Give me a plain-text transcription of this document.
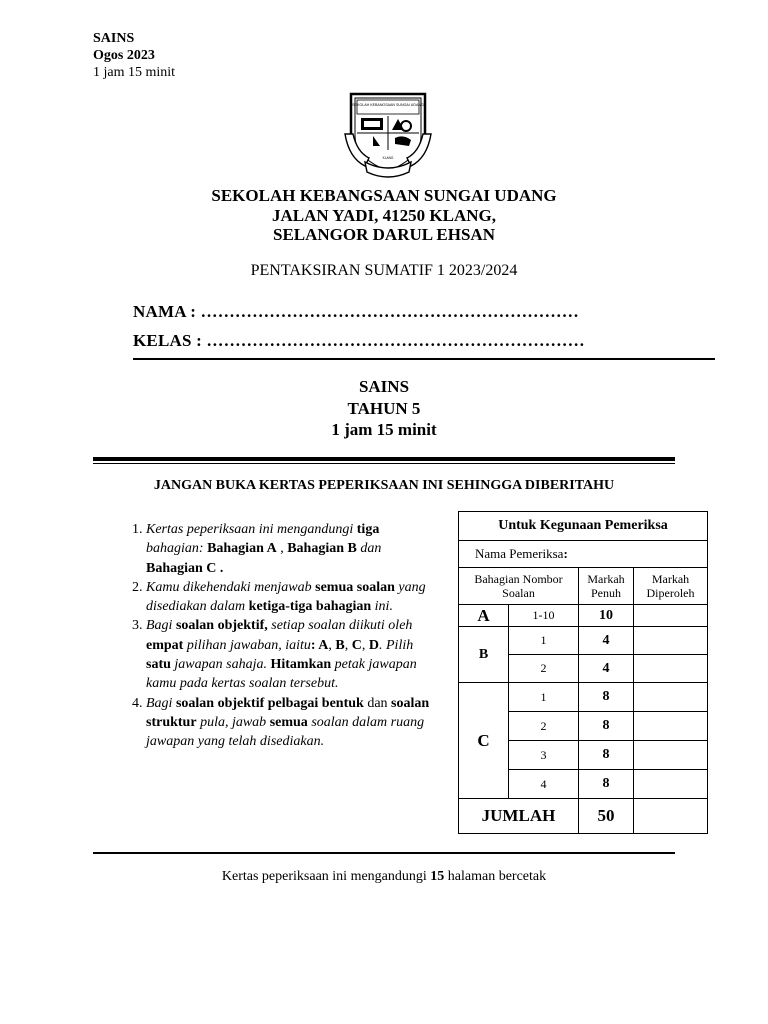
SAINS
Ogos 2023
1 jam 15 minit
SEKOLAH KEBANGSAAN SUNGAI UDANG
KLANG
SEKOLAH KEBANGSAAN SUNGAI UDANG
JALAN YADI, 41250 KLANG,
SELANGOR DARUL EHSAN
PENTAKSIRAN SUMATIF 1 2023/2024
NAMA : …………………………………………………………
KELAS : …………………………………………………………
SAINS
TAHUN 5
1 jam 15 minit
JANGAN BUKA KERTAS PEPERIKSAAN INI SEHINGGA DIBERITAHU
1. Kertas peperiksaan ini mengandungi tiga bahagian: Bahagian A , Bahagian B dan Bahagian C .
2. Kamu dikehendaki menjawab semua soalan yang disediakan dalam ketiga-tiga bahagian ini.
3. Bagi soalan objektif, setiap soalan diikuti oleh empat pilihan jawaban, iaitu: A, B, C, D. Pilih satu jawapan sahaja. Hitamkan petak jawapan kamu pada kertas soalan tersebut.
4. Bagi soalan objektif pelbagai bentuk dan soalan struktur pula, jawab semua soalan dalam ruang jawapan yang telah disediakan.
Untuk Kegunaan Pemeriksa			
Nama Pemeriksa:			

Bahagian Nombor Soalan		Markah Penuh	Markah Diperoleh

A	1-10	10	
B	1	4	
	2	4	
C	1	8	
	2	8	
	3	8	
	4	8	
JUMLAH		50	
Kertas peperiksaan ini mengandungi 15 halaman bercetak
